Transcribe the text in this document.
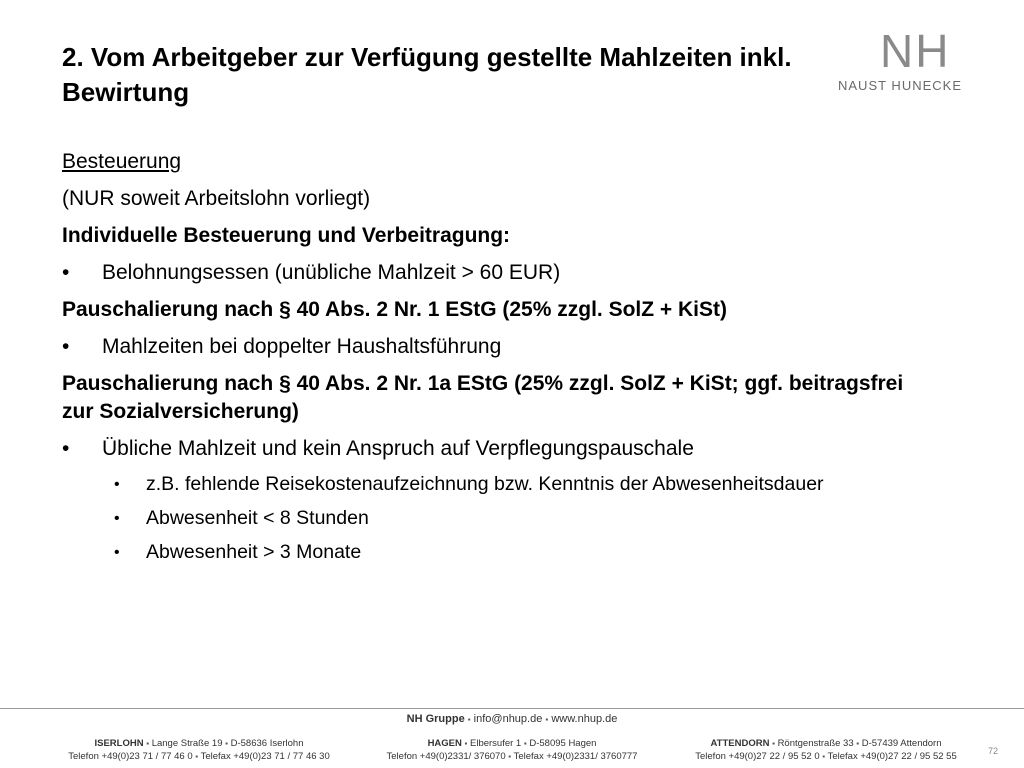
2. Vom Arbeitgeber zur Verfügung gestellte Mahlzeiten inkl. Bewirtung
NH
NAUST HUNECKE
Besteuerung
(NUR soweit Arbeitslohn vorliegt)
Individuelle Besteuerung und Verbeitragung:
• Belohnungsessen (unübliche Mahlzeit > 60 EUR)
Pauschalierung nach § 40 Abs. 2 Nr. 1 EStG (25% zzgl. SolZ + KiSt)
• Mahlzeiten bei doppelter Haushaltsführung
Pauschalierung nach § 40 Abs. 2 Nr. 1a EStG (25% zzgl. SolZ + KiSt; ggf. beitragsfrei zur Sozialversicherung)
• Übliche Mahlzeit und kein Anspruch auf Verpflegungspauschale
• z.B. fehlende Reisekostenaufzeichnung bzw. Kenntnis der Abwesenheitsdauer
• Abwesenheit < 8 Stunden
• Abwesenheit > 3 Monate
NH Gruppe ▪ info@nhup.de ▪ www.nhup.de
ISERLOHN ▪ Lange Straße 19 ▪ D-58636 Iserlohn
Telefon +49(0)23 71 / 77 46 0 ▪ Telefax +49(0)23 71 / 77 46 30
HAGEN ▪ Elbersufer 1 ▪ D-58095 Hagen
Telefon +49(0)2331/ 376070 ▪ Telefax +49(0)2331/ 3760777
ATTENDORN ▪ Röntgenstraße 33 ▪ D-57439 Attendorn
Telefon +49(0)27 22 / 95 52 0 ▪ Telefax +49(0)27 22 / 95 52 55	72
